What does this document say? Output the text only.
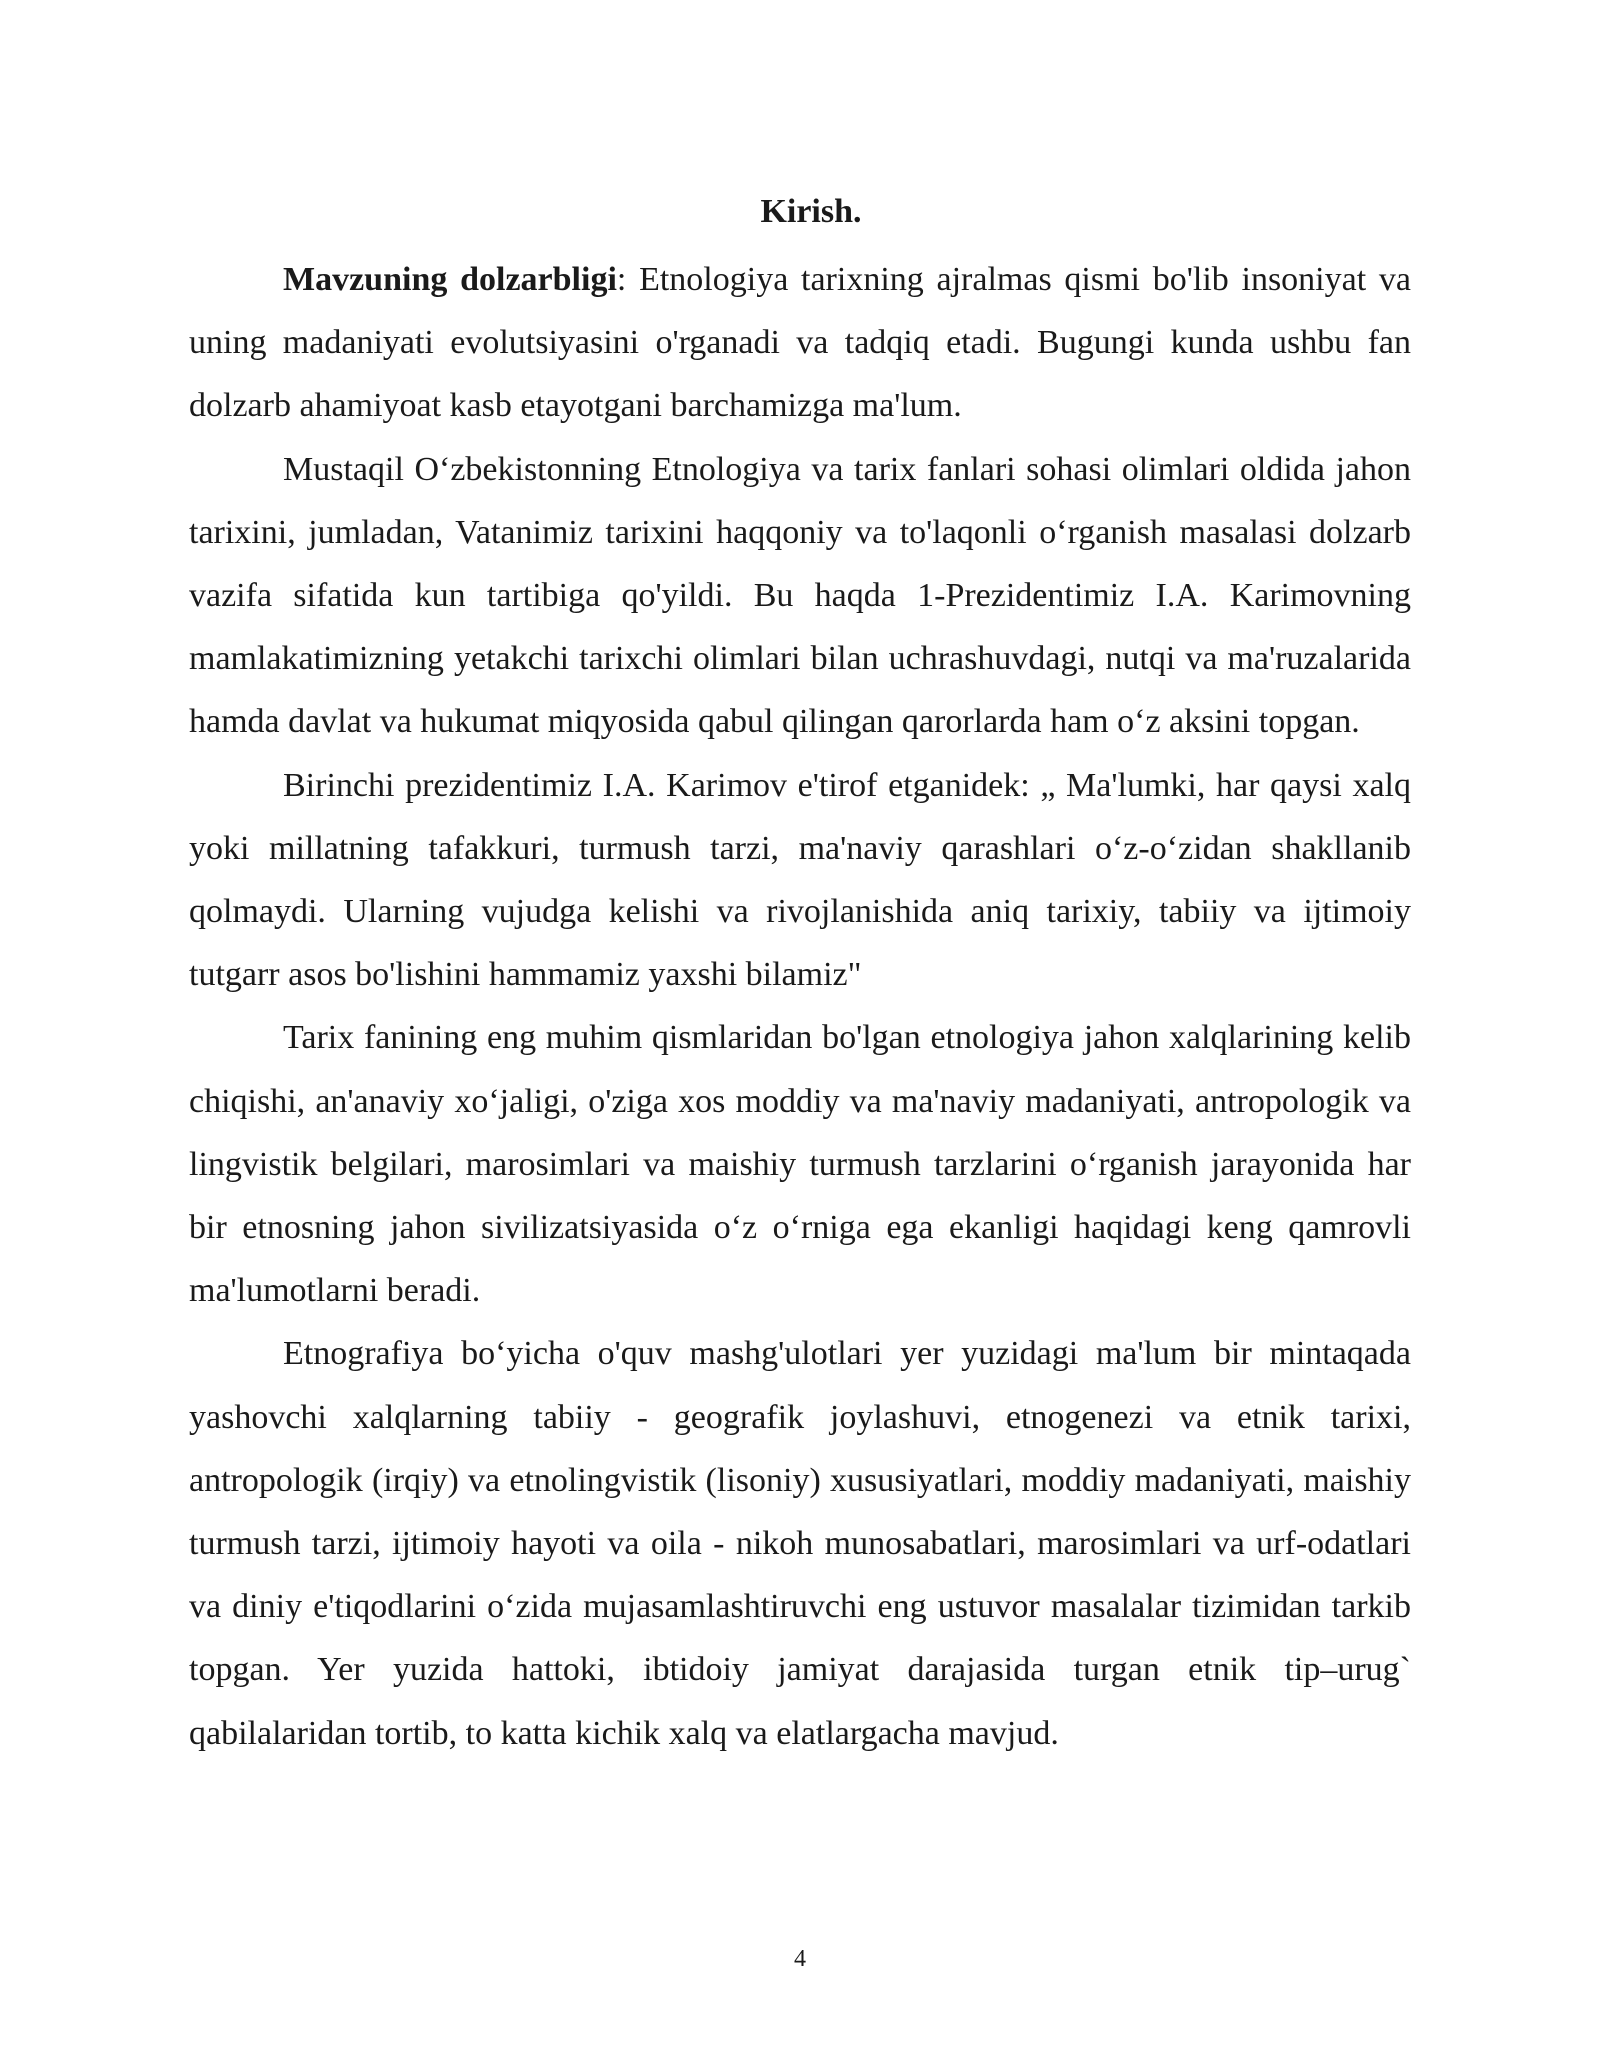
Kirish.

Mavzuning dolzarbligi: Etnologiya tarixning ajralmas qismi bo'lib insoniyat va uning madaniyati evolutsiyasini o'rganadi va tadqiq etadi. Bugungi kunda ushbu fan dolzarb ahamiyoat kasb etayotgani barchamizga ma'lum.

Mustaqil O‘zbekistonning Etnologiya va tarix fanlari sohasi olimlari oldida jahon tarixini, jumladan, Vatanimiz tarixini haqqoniy va to'laqonli o‘rganish masalasi dolzarb vazifa sifatida kun tartibiga qo'yildi. Bu haqda 1-Prezidentimiz I.A. Karimovning mamlakatimizning yetakchi tarixchi olimlari bilan uchrashuvdagi, nutqi va ma'ruzalarida hamda davlat va hukumat miqyosida qabul qilingan qarorlarda ham o‘z aksini topgan.

Birinchi prezidentimiz I.A. Karimov e'tirof etganidek: „ Ma'lumki, har qaysi xalq yoki millatning tafakkuri, turmush tarzi, ma'naviy qarashlari o‘z-o‘zidan shakllanib qolmaydi. Ularning vujudga kelishi va rivojlanishida aniq tarixiy, tabiiy va ijtimoiy tutgarr asos bo'lishini hammamiz yaxshi bilamiz"

Tarix fanining eng muhim qismlaridan bo'lgan etnologiya jahon xalqlarining kelib chiqishi, an'anaviy xo‘jaligi, o'ziga xos moddiy va ma'naviy madaniyati, antropologik va lingvistik belgilari, marosimlari va maishiy turmush tarzlarini o‘rganish jarayonida har bir etnosning jahon sivilizatsiyasida o‘z o‘rniga ega ekanligi haqidagi keng qamrovli ma'lumotlarni beradi.

Etnografiya bo‘yicha o'quv mashg'ulotlari yer yuzidagi ma'lum bir mintaqada yashovchi xalqlarning tabiiy - geografik joylashuvi, etnogenezi va etnik tarixi, antropologik (irqiy) va etnolingvistik (lisoniy) xususiyatlari, moddiy madaniyati, maishiy turmush tarzi, ijtimoiy hayoti va oila - nikoh munosabatlari, marosimlari va urf-odatlari va diniy e'tiqodlarini o‘zida mujasamlashtiruvchi eng ustuvor masalalar tizimidan tarkib topgan. Yer yuzida hattoki, ibtidoiy jamiyat darajasida turgan etnik tip–urug` qabilalaridan tortib, to katta kichik xalq va elatlargacha mavjud.

4
